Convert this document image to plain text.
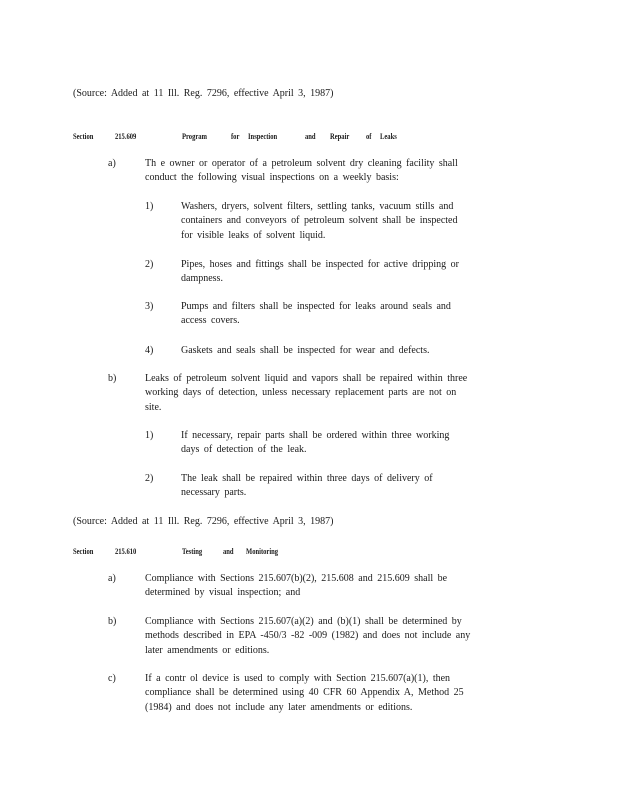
(Source: Added at 11 Ill. Reg. 7296, effective April 3, 1987)
Section	215.609	Program	for Inspection	and Repair of Leaks
a)	Th e owner or operator of a petroleum solvent dry cleaning facility shall
conduct the following visual inspections on a weekly basis:
1)	Washers, dryers, solvent filters, settling tanks, vacuum stills and
containers and conveyors of petroleum solvent shall be inspected
for visible leaks of solvent liquid.
2)	Pipes, hoses and fittings shall be inspected for active dripping or
dampness.
3)	Pumps and filters shall be inspected for leaks around seals and
access covers.
4)	Gaskets and seals shall be inspected for wear and defects.
b)	Leaks of petroleum solvent liquid and vapors shall be repaired within three
working days of detection, unless necessary replacement parts are not on
site.
1)	If necessary, repair parts shall be ordered within three working
days of detection of the leak.
2)	The leak shall be repaired within three days of delivery of
necessary parts.
(Source: Added at 11 Ill. Reg. 7296, effective April 3, 1987)
Section	215.610	Testing	and Monitoring
a)	Compliance with Sections 215.607(b)(2), 215.608 and 215.609 shall be
determined by visual inspection; and
b)	Compliance with Sections 215.607(a)(2) and (b)(1) shall be determined by
methods described in EPA -450/3 -82 -009 (1982) and does not include any
later amendments or editions.
c)	If a contr ol device is used to comply with Section 215.607(a)(1), then
compliance shall be determined using 40 CFR 60 Appendix A, Method 25
(1984) and does not include any later amendments or editions.
